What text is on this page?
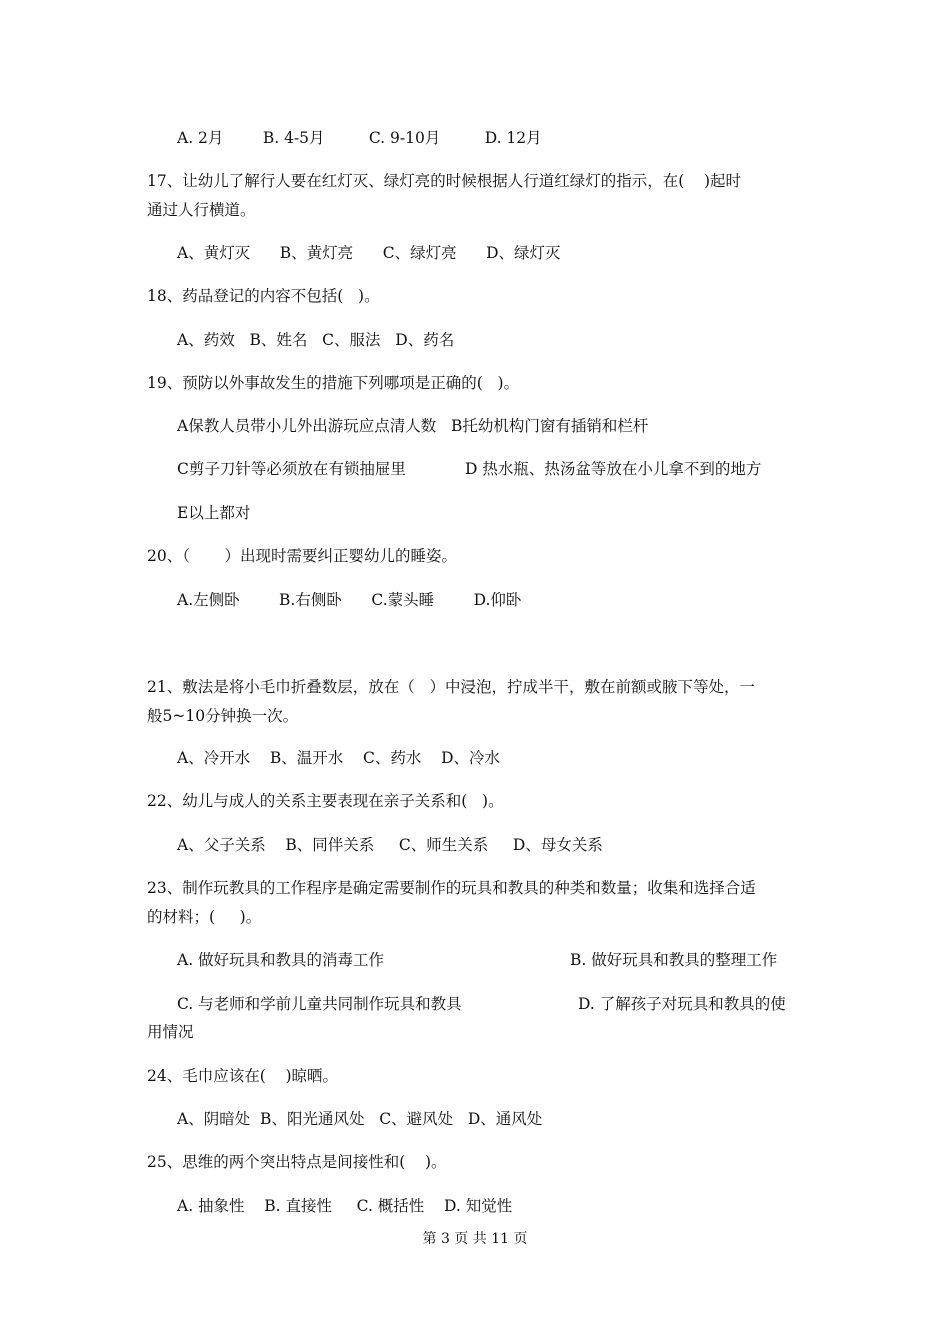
A. 2月        B. 4-5月         C. 9-10月         D. 12月
17、让幼儿了解行人要在红灯灭、绿灯亮的时候根据人行道红绿灯的指示，在(    )起时
通过人行横道。
A、黄灯灭      B、黄灯亮      C、绿灯亮      D、绿灯灭
18、药品登记的内容不包括(   )。
A、药效   B、姓名   C、服法   D、药名
19、预防以外事故发生的措施下列哪项是正确的(   )。
A保教人员带小儿外出游玩应点清人数   B托幼机构门窗有插销和栏杆
C剪子刀针等必须放在有锁抽屉里            D 热水瓶、热汤盆等放在小儿拿不到的地方
E以上都对
20、（       ）出现时需要纠正婴幼儿的睡姿。
A.左侧卧        B.右侧卧      C.蒙头睡        D.仰卧
21、敷法是将小毛巾折叠数层，放在（   ）中浸泡，拧成半干，敷在前额或腋下等处，一
般5~10分钟换一次。
A、冷开水    B、温开水    C、药水    D、冷水
22、幼儿与成人的关系主要表现在亲子关系和(   )。
A、父子关系    B、同伴关系     C、师生关系     D、母女关系
23、制作玩教具的工作程序是确定需要制作的玩具和教具的种类和数量；收集和选择合适
的材料；(     )。
A. 做好玩具和教具的消毒工作	B. 做好玩具和教具的整理工作
C. 与老师和学前儿童共同制作玩具和教具	D. 了解孩子对玩具和教具的使
用情况
24、毛巾应该在(    )晾晒。
A、阴暗处  B、阳光通风处   C、避风处   D、通风处
25、思维的两个突出特点是间接性和(    )。
A. 抽象性    B. 直接性     C. 概括性    D. 知觉性
第 3 页 共 11 页
